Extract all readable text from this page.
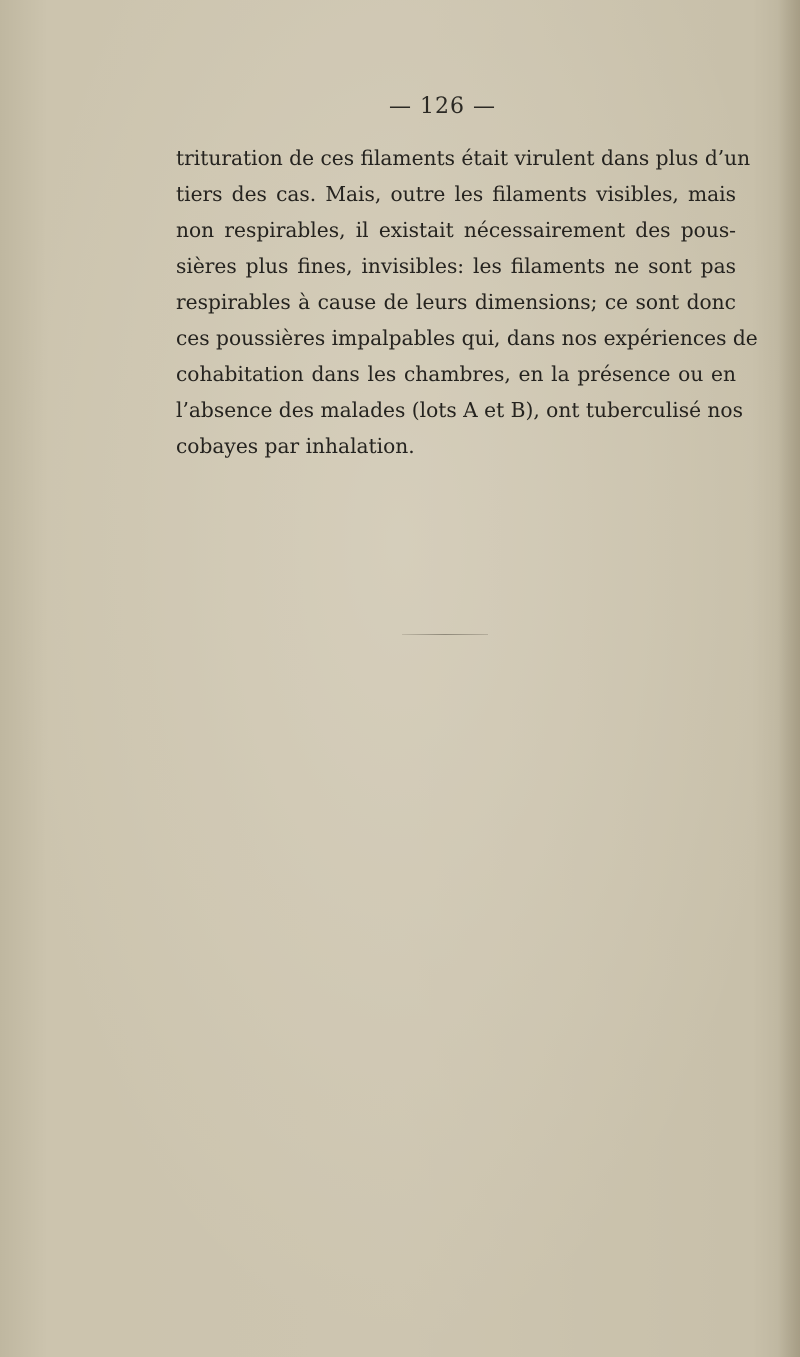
— 126 —
trituration de ces filaments était virulent dans plus d’un
tiers des cas. Mais, outre les filaments visibles, mais
non respirables, il existait nécessairement des pous-
sières plus fines, invisibles: les filaments ne sont pas
respirables à cause de leurs dimensions; ce sont donc
ces poussières impalpables qui, dans nos expériences de
cohabitation dans les chambres, en la présence ou en
l’absence des malades (lots A et B), ont tuberculisé nos
cobayes par inhalation.
